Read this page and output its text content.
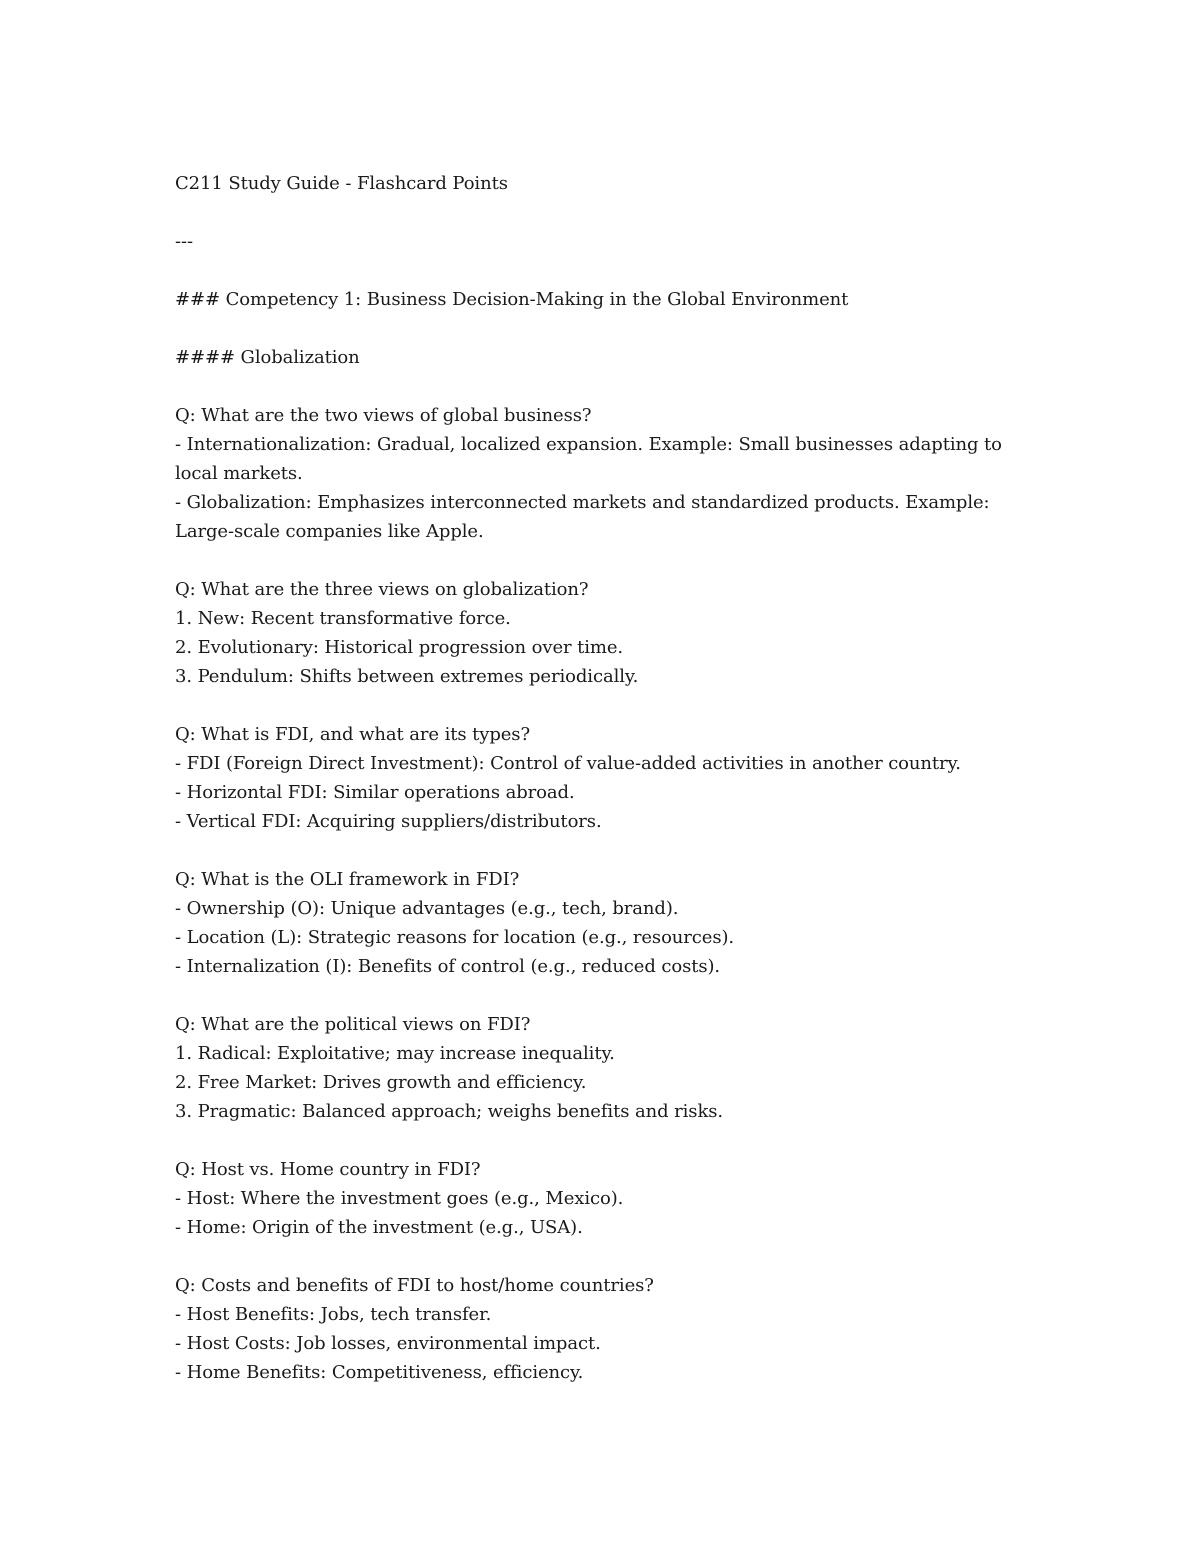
C211 Study Guide - Flashcard Points
---
### Competency 1: Business Decision-Making in the Global Environment
#### Globalization
Q: What are the two views of global business?
- Internationalization: Gradual, localized expansion. Example: Small businesses adapting to local markets.
- Globalization: Emphasizes interconnected markets and standardized products. Example: Large-scale companies like Apple.
Q: What are the three views on globalization?
1. New: Recent transformative force.
2. Evolutionary: Historical progression over time.
3. Pendulum: Shifts between extremes periodically.
Q: What is FDI, and what are its types?
- FDI (Foreign Direct Investment): Control of value-added activities in another country.
- Horizontal FDI: Similar operations abroad.
- Vertical FDI: Acquiring suppliers/distributors.
Q: What is the OLI framework in FDI?
- Ownership (O): Unique advantages (e.g., tech, brand).
- Location (L): Strategic reasons for location (e.g., resources).
- Internalization (I): Benefits of control (e.g., reduced costs).
Q: What are the political views on FDI?
1. Radical: Exploitative; may increase inequality.
2. Free Market: Drives growth and efficiency.
3. Pragmatic: Balanced approach; weighs benefits and risks.
Q: Host vs. Home country in FDI?
- Host: Where the investment goes (e.g., Mexico).
- Home: Origin of the investment (e.g., USA).
Q: Costs and benefits of FDI to host/home countries?
- Host Benefits: Jobs, tech transfer.
- Host Costs: Job losses, environmental impact.
- Home Benefits: Competitiveness, efficiency.
